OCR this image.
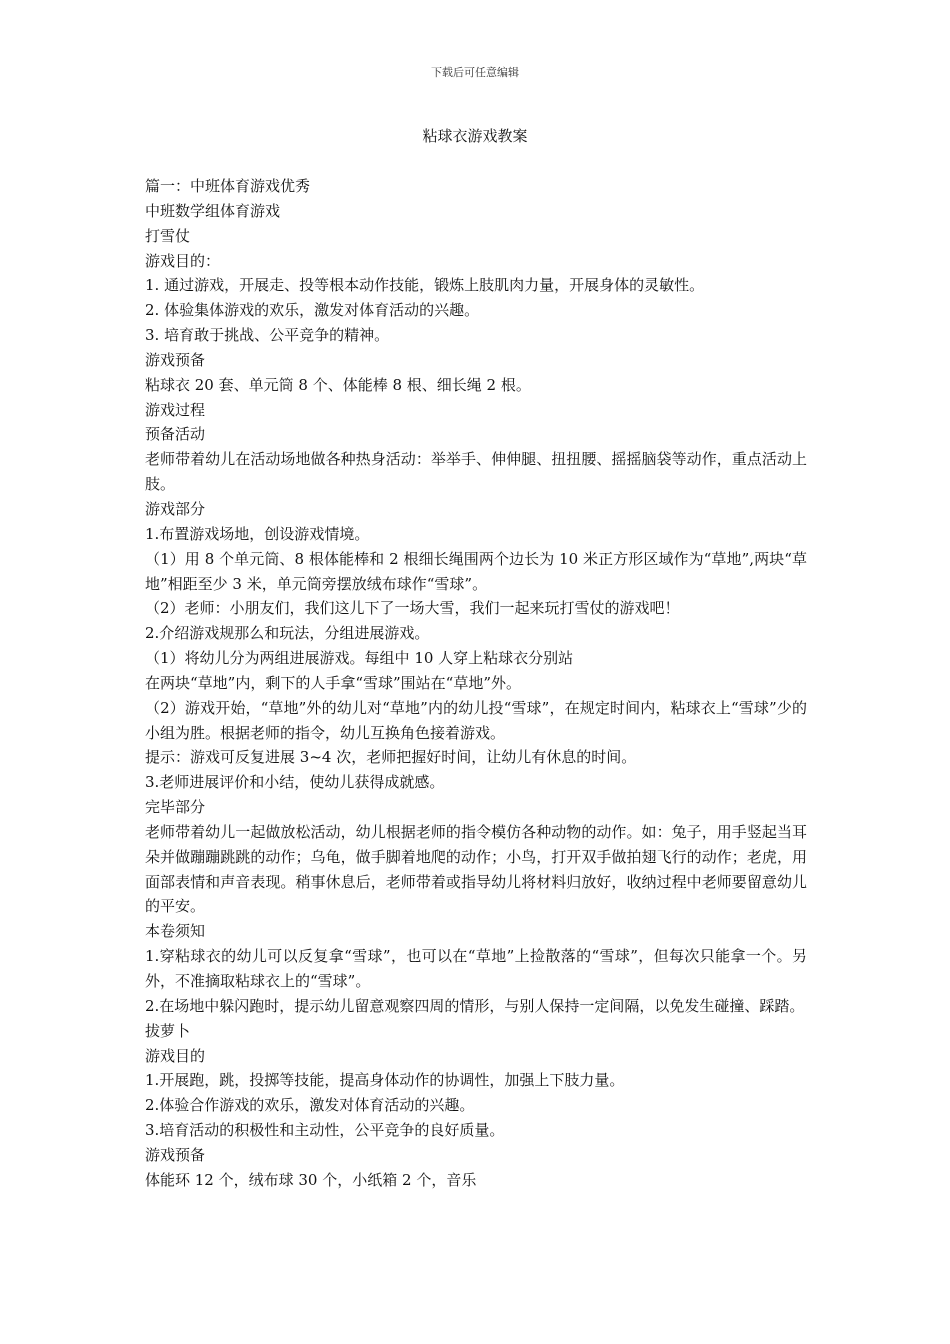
下载后可任意编辑
粘球衣游戏教案

篇一：中班体育游戏优秀

中班数学组体育游戏

打雪仗

游戏目的：

1. 通过游戏，开展走、投等根本动作技能，锻炼上肢肌肉力量，开展身体的灵敏性。

2. 体验集体游戏的欢乐，激发对体育活动的兴趣。

3. 培育敢于挑战、公平竞争的精神。

游戏预备

粘球衣 20 套、单元筒 8 个、体能棒 8 根、细长绳 2 根。

游戏过程

预备活动

老师带着幼儿在活动场地做各种热身活动：举举手、伸伸腿、扭扭腰、摇摇脑袋等动作，重点活动上肢。

游戏部分

1.布置游戏场地，创设游戏情境。

（1）用 8 个单元筒、8 根体能棒和 2 根细长绳围两个边长为 10 米正方形区域作为“草地”,两块“草地”相距至少 3 米，单元筒旁摆放绒布球作“雪球”。

（2）老师：小朋友们，我们这儿下了一场大雪，我们一起来玩打雪仗的游戏吧！

2.介绍游戏规那么和玩法，分组进展游戏。

（1）将幼儿分为两组进展游戏。每组中 10 人穿上粘球衣分别站

在两块“草地”内，剩下的人手拿“雪球”围站在“草地”外。

（2）游戏开始，“草地”外的幼儿对“草地”内的幼儿投“雪球”，在规定时间内，粘球衣上“雪球”少的小组为胜。根据老师的指令，幼儿互换角色接着游戏。

提示：游戏可反复进展 3~4 次，老师把握好时间，让幼儿有休息的时间。

3.老师进展评价和小结，使幼儿获得成就感。

完毕部分

老师带着幼儿一起做放松活动，幼儿根据老师的指令模仿各种动物的动作。如：兔子，用手竖起当耳朵并做蹦蹦跳跳的动作；乌龟，做手脚着地爬的动作；小鸟，打开双手做拍翅飞行的动作；老虎，用面部表情和声音表现。稍事休息后，老师带着或指导幼儿将材料归放好，收纳过程中老师要留意幼儿的平安。

本卷须知

1.穿粘球衣的幼儿可以反复拿“雪球”，也可以在“草地”上捡散落的“雪球”，但每次只能拿一个。另外，不准摘取粘球衣上的“雪球”。

2.在场地中躲闪跑时，提示幼儿留意观察四周的情形，与别人保持一定间隔，以免发生碰撞、踩踏。

拔萝卜

游戏目的

1.开展跑，跳，投掷等技能，提高身体动作的协调性，加强上下肢力量。

2.体验合作游戏的欢乐，激发对体育活动的兴趣。

3.培育活动的积极性和主动性，公平竞争的良好质量。

游戏预备

体能环 12 个，绒布球 30 个，小纸箱 2 个，音乐
